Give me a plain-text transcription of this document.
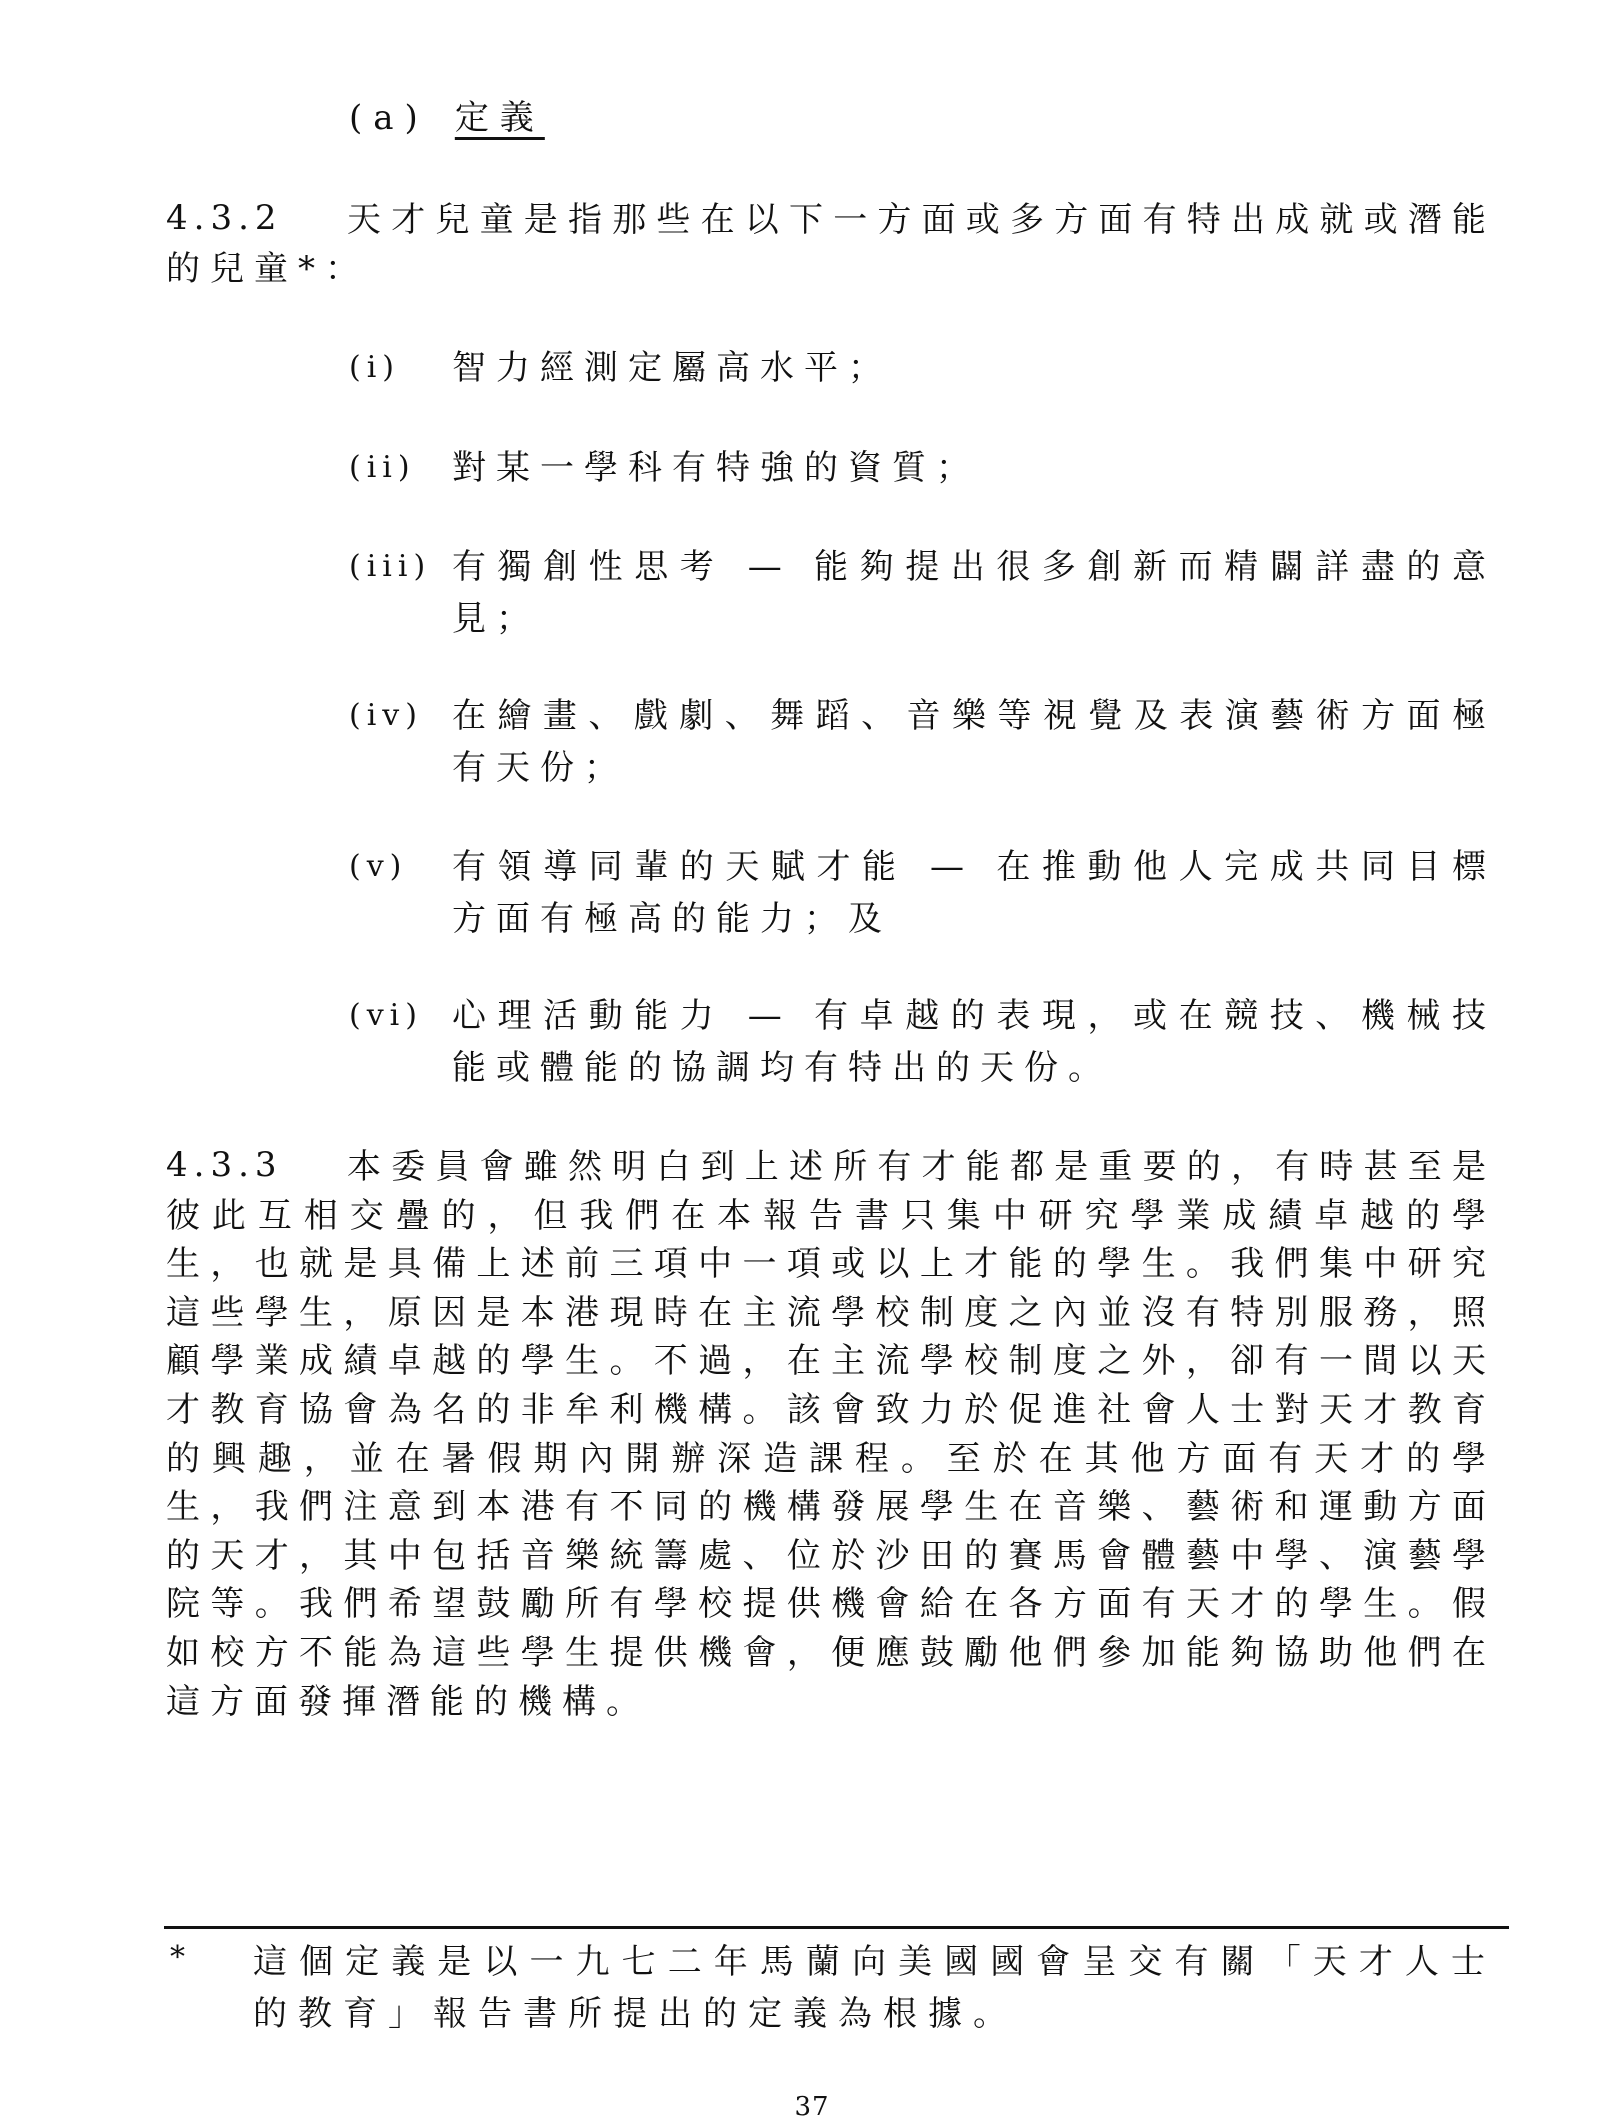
(a) 定義
4.3.2	天才兒童是指那些在以下一方面或多方面有特出成就或潛能的兒童*：
(i) 智力經測定屬高水平；
(ii) 對某一學科有特強的資質；
(iii) 有獨創性思考 — 能夠提出很多創新而精闢詳盡的意見；
(iv) 在繪畫、戲劇、舞蹈、音樂等視覺及表演藝術方面極有天份；
(v) 有領導同輩的天賦才能 — 在推動他人完成共同目標方面有極高的能力；及
(vi) 心理活動能力 — 有卓越的表現，或在競技、機械技能或體能的協調均有特出的天份。
4.3.3	本委員會雖然明白到上述所有才能都是重要的，有時甚至是彼此互相交疊的，但我們在本報告書只集中研究學業成績卓越的學生，也就是具備上述前三項中一項或以上才能的學生。我們集中研究這些學生，原因是本港現時在主流學校制度之內並沒有特別服務，照顧學業成績卓越的學生。不過，在主流學校制度之外，卻有一間以天才教育協會為名的非牟利機構。該會致力於促進社會人士對天才教育的興趣，並在暑假期內開辦深造課程。至於在其他方面有天才的學生，我們注意到本港有不同的機構發展學生在音樂、藝術和運動方面的天才，其中包括音樂統籌處、位於沙田的賽馬會體藝中學、演藝學院等。我們希望鼓勵所有學校提供機會給在各方面有天才的學生。假如校方不能為這些學生提供機會，便應鼓勵他們參加能夠協助他們在這方面發揮潛能的機構。
* 這個定義是以一九七二年馬蘭向美國國會呈交有關「天才人士的教育」報告書所提出的定義為根據。
37
